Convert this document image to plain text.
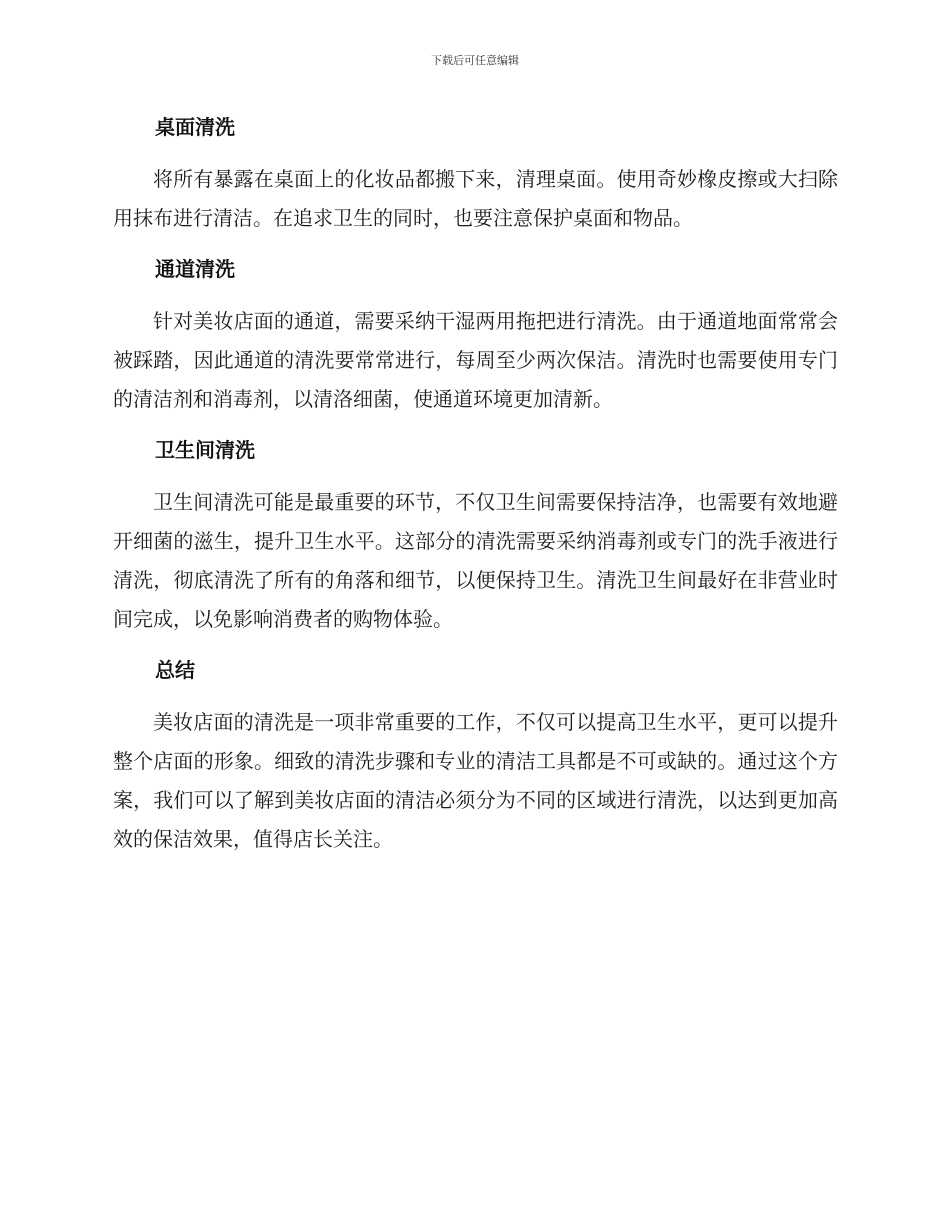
下载后可任意编辑
桌面清洗

将所有暴露在桌面上的化妆品都搬下来，清理桌面。使用奇妙橡皮擦或大扫除用抹布进行清洁。在追求卫生的同时，也要注意保护桌面和物品。

通道清洗

针对美妆店面的通道，需要采纳干湿两用拖把进行清洗。由于通道地面常常会被踩踏，因此通道的清洗要常常进行，每周至少两次保洁。清洗时也需要使用专门的清洁剂和消毒剂，以清洛细菌，使通道环境更加清新。

卫生间清洗

卫生间清洗可能是最重要的环节，不仅卫生间需要保持洁净，也需要有效地避开细菌的滋生，提升卫生水平。这部分的清洗需要采纳消毒剂或专门的洗手液进行清洗，彻底清洗了所有的角落和细节，以便保持卫生。清洗卫生间最好在非营业时间完成，以免影响消费者的购物体验。

总结

美妆店面的清洗是一项非常重要的工作，不仅可以提高卫生水平，更可以提升整个店面的形象。细致的清洗步骤和专业的清洁工具都是不可或缺的。通过这个方案，我们可以了解到美妆店面的清洁必须分为不同的区域进行清洗，以达到更加高效的保洁效果，值得店长关注。
